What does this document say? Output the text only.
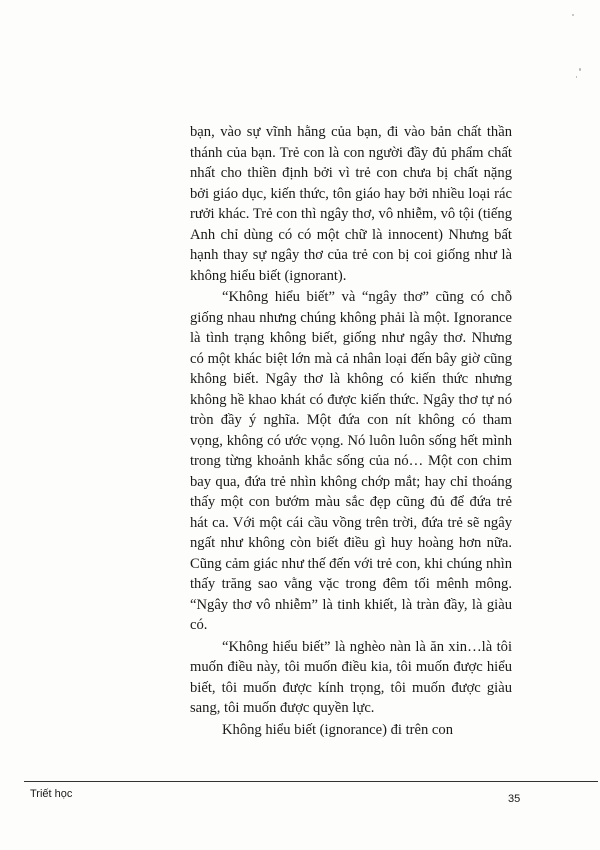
bạn, vào sự vĩnh hằng của bạn, đi vào bản chất thần thánh của bạn. Trẻ con là con người đầy đủ phẩm chất nhất cho thiền định bởi vì trẻ con chưa bị chất nặng bởi giáo dục, kiến thức, tôn giáo hay bởi nhiều loại rác rưởi khác. Trẻ con thì ngây thơ, vô nhiễm, vô tội (tiếng Anh chỉ dùng có có một chữ là innocent) Nhưng bất hạnh thay sự ngây thơ của trẻ con bị coi giống như là không hiểu biết (ignorant).

“Không hiểu biết” và “ngây thơ” cũng có chỗ giống nhau nhưng chúng không phải là một. Ignorance là tình trạng không biết, giống như ngây thơ. Nhưng có một khác biệt lớn mà cả nhân loại đến bây giờ cũng không biết. Ngây thơ là không có kiến thức nhưng không hề khao khát có được kiến thức. Ngây thơ tự nó tròn đầy ý nghĩa. Một đứa con nít không có tham vọng, không có ước vọng. Nó luôn luôn sống hết mình trong từng khoảnh khắc sống của nó… Một con chim bay qua, đứa trẻ nhìn không chớp mắt; hay chỉ thoáng thấy một con bướm màu sắc đẹp cũng đủ để đứa trẻ hát ca. Với một cái cầu vồng trên trời, đứa trẻ sẽ ngây ngất như không còn biết điều gì huy hoàng hơn nữa. Cũng cảm giác như thế đến với trẻ con, khi chúng nhìn thấy trăng sao vằng vặc trong đêm tối mênh mông. “Ngây thơ vô nhiễm” là tinh khiết, là tràn đầy, là giàu có.

“Không hiểu biết” là nghèo nàn là ăn xin…là tôi muốn điều này, tôi muốn điều kia, tôi muốn được hiểu biết, tôi muốn được kính trọng, tôi muốn được giàu sang, tôi muốn được quyền lực.

Không hiểu biết (ignorance) đi trên con

Triết học	35
